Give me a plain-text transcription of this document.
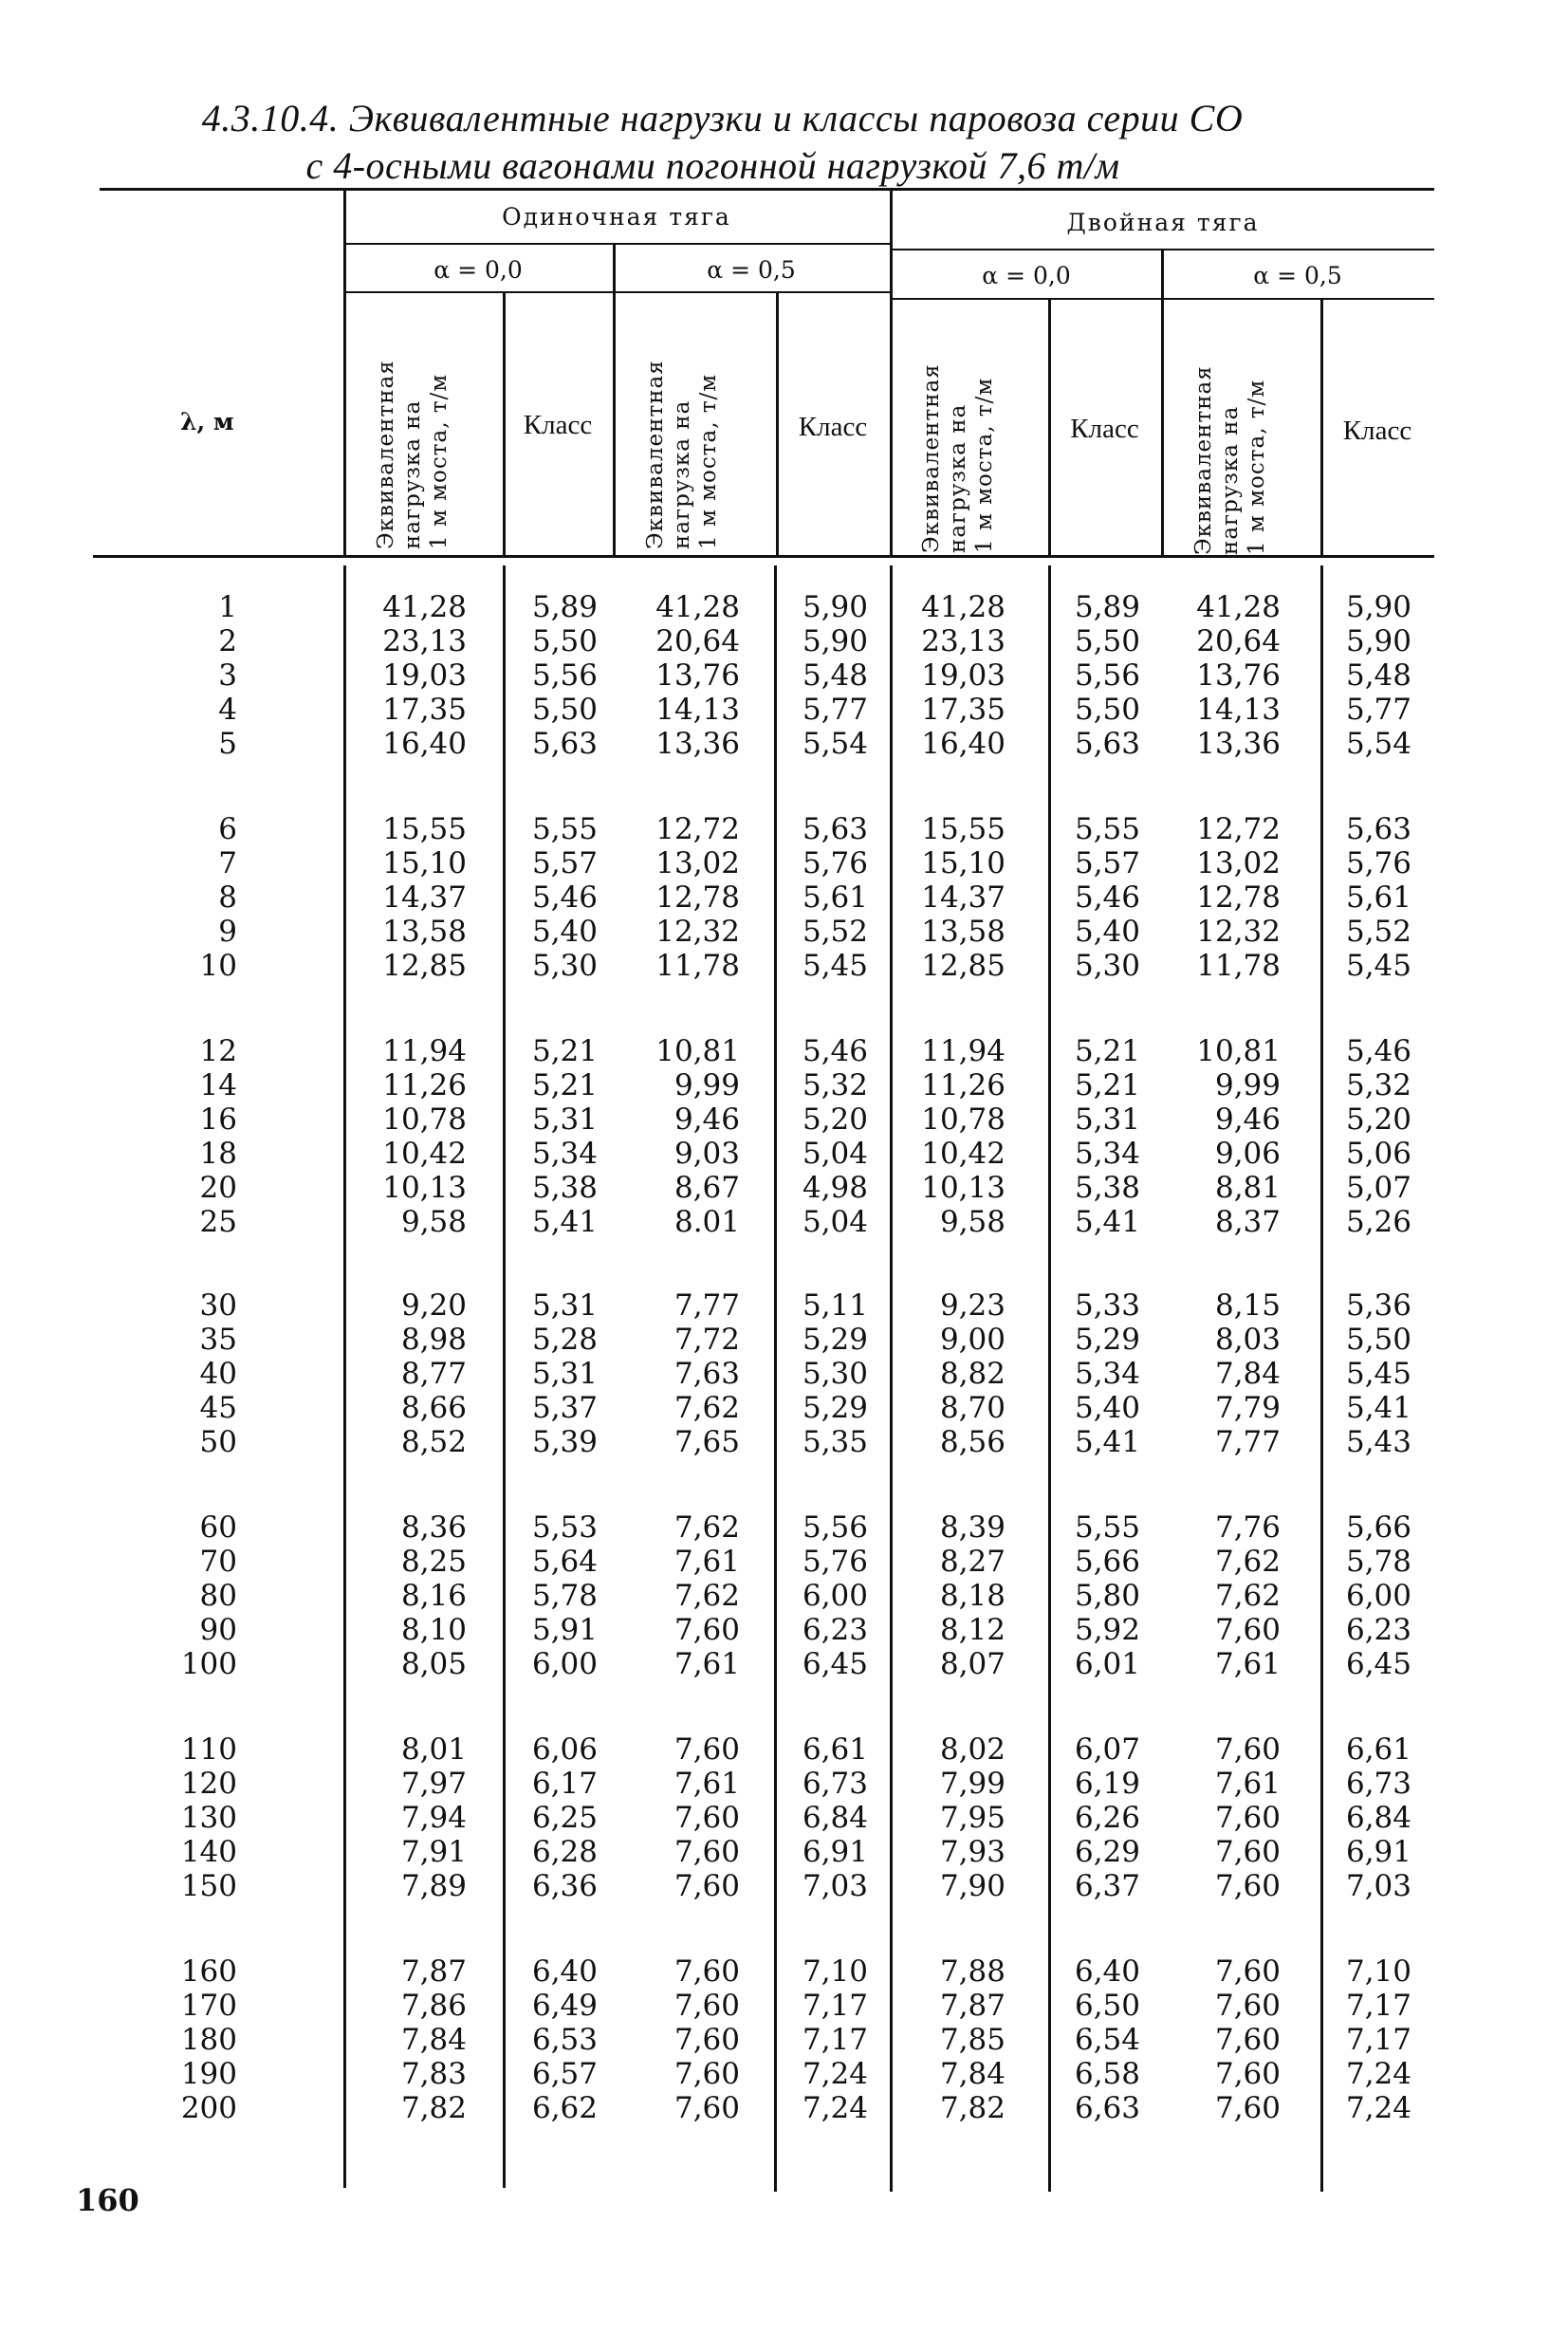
4.3.10.4. Эквивалентные нагрузки и классы паровоза серии СО
с 4-осными вагонами погонной нагрузкой 7,6 т/м
λ, м
Одиночная тяга	Двойная тяга
α = 0,0	α = 0,5	α = 0,0	α = 0,5
Эквивалентная
нагрузка на
1 м моста, т/м	Эквивалентная
нагрузка на
1 м моста, т/м	Эквивалентная
нагрузка на
1 м моста, т/м	Эквивалентная
нагрузка на
1 м моста, т/м
Класс	Класс	Класс	Класс
1	41,28	5,89	41,28	5,90	41,28	5,89	41,28	5,90
2	23,13	5,50	20,64	5,90	23,13	5,50	20,64	5,90
3	19,03	5,56	13,76	5,48	19,03	5,56	13,76	5,48
4	17,35	5,50	14,13	5,77	17,35	5,50	14,13	5,77
5	16,40	5,63	13,36	5,54	16,40	5,63	13,36	5,54
6	15,55	5,55	12,72	5,63	15,55	5,55	12,72	5,63
7	15,10	5,57	13,02	5,76	15,10	5,57	13,02	5,76
8	14,37	5,46	12,78	5,61	14,37	5,46	12,78	5,61
9	13,58	5,40	12,32	5,52	13,58	5,40	12,32	5,52
10	12,85	5,30	11,78	5,45	12,85	5,30	11,78	5,45
12	11,94	5,21	10,81	5,46	11,94	5,21	10,81	5,46
14	11,26	5,21	9,99	5,32	11,26	5,21	9,99	5,32
16	10,78	5,31	9,46	5,20	10,78	5,31	9,46	5,20
18	10,42	5,34	9,03	5,04	10,42	5,34	9,06	5,06
20	10,13	5,38	8,67	4,98	10,13	5,38	8,81	5,07
25	9,58	5,41	8.01	5,04	9,58	5,41	8,37	5,26
30	9,20	5,31	7,77	5,11	9,23	5,33	8,15	5,36
35	8,98	5,28	7,72	5,29	9,00	5,29	8,03	5,50
40	8,77	5,31	7,63	5,30	8,82	5,34	7,84	5,45
45	8,66	5,37	7,62	5,29	8,70	5,40	7,79	5,41
50	8,52	5,39	7,65	5,35	8,56	5,41	7,77	5,43
60	8,36	5,53	7,62	5,56	8,39	5,55	7,76	5,66
70	8,25	5,64	7,61	5,76	8,27	5,66	7,62	5,78
80	8,16	5,78	7,62	6,00	8,18	5,80	7,62	6,00
90	8,10	5,91	7,60	6,23	8,12	5,92	7,60	6,23
100	8,05	6,00	7,61	6,45	8,07	6,01	7,61	6,45
110	8,01	6,06	7,60	6,61	8,02	6,07	7,60	6,61
120	7,97	6,17	7,61	6,73	7,99	6,19	7,61	6,73
130	7,94	6,25	7,60	6,84	7,95	6,26	7,60	6,84
140	7,91	6,28	7,60	6,91	7,93	6,29	7,60	6,91
150	7,89	6,36	7,60	7,03	7,90	6,37	7,60	7,03
160	7,87	6,40	7,60	7,10	7,88	6,40	7,60	7,10
170	7,86	6,49	7,60	7,17	7,87	6,50	7,60	7,17
180	7,84	6,53	7,60	7,17	7,85	6,54	7,60	7,17
190	7,83	6,57	7,60	7,24	7,84	6,58	7,60	7,24
200	7,82	6,62	7,60	7,24	7,82	6,63	7,60	7,24
160
